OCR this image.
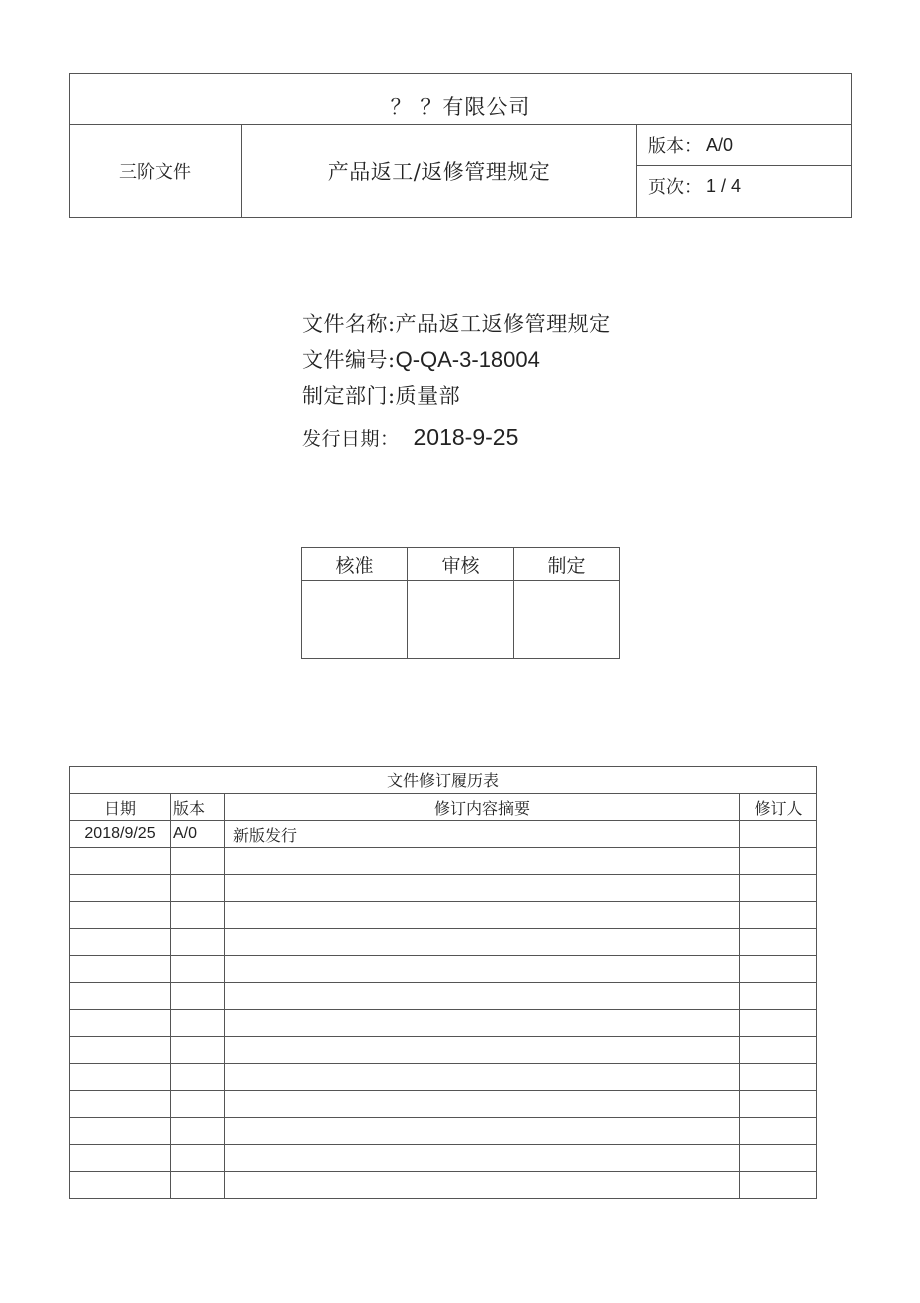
？ ？有限公司
三阶文件	产品返工/返修管理规定
版本： A/0
页次： 1 / 4
文件名称: 产品返工返修管理规定
文件编号: Q-QA-3-18004
制定部门: 质量部
发行日期： 2018-9-25
核准	审核	制定
文件修订履历表
日期	版本	修订内容摘要	修订人
2018/9/25	A/0	新版发行
